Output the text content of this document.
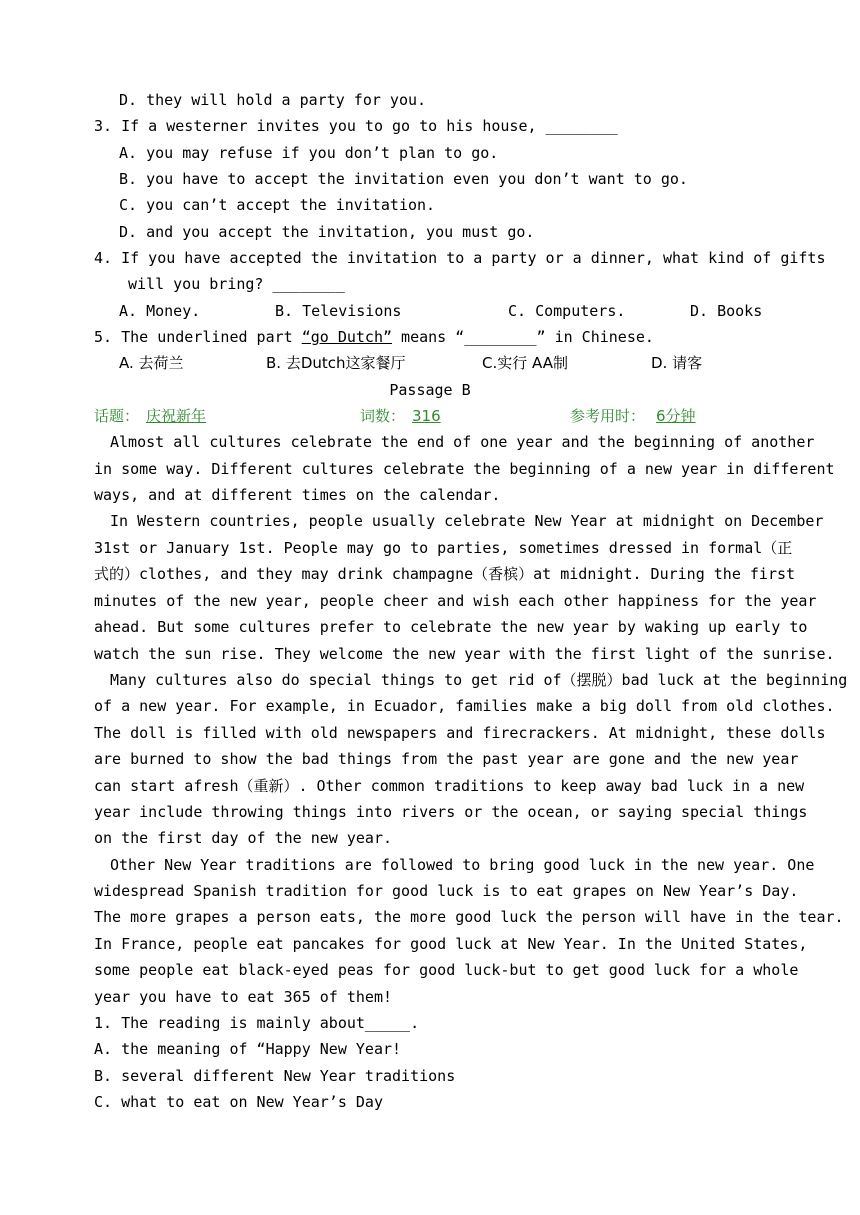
D. they will hold a party for you.
3. If a westerner invites you to go to his house, ________
A. you may refuse if you don’t plan to go.
B. you have to accept the invitation even you don’t want to go.
C. you can’t accept the invitation.
D. and you accept the invitation, you must go.
4. If you have accepted the invitation to a party or a dinner, what kind of gifts
will you bring? ________
A. Money.	B. Televisions	C. Computers.	D. Books
5. The underlined part “go Dutch” means “________” in Chinese.
A. 去荷兰	B. 去Dutch这家餐厅	C.实行 AA制	D. 请客
Passage B
话题： 庆祝新年	词数： 316	参考用时： 6分钟
Almost all cultures celebrate the end of one year and the beginning of another
in some way. Different cultures celebrate the beginning of a new year in different
ways, and at different times on the calendar.
In Western countries, people usually celebrate New Year at midnight on December
31st or January 1st. People may go to parties, sometimes dressed in formal（正
式的）clothes, and they may drink champagne（香槟）at midnight. During the first
minutes of the new year, people cheer and wish each other happiness for the year
ahead. But some cultures prefer to celebrate the new year by waking up early to
watch the sun rise. They welcome the new year with the first light of the sunrise.
Many cultures also do special things to get rid of（摆脱）bad luck at the beginning
of a new year. For example, in Ecuador, families make a big doll from old clothes.
The doll is filled with old newspapers and firecrackers. At midnight, these dolls
are burned to show the bad things from the past year are gone and the new year
can start afresh（重新）. Other common traditions to keep away bad luck in a new
year include throwing things into rivers or the ocean, or saying special things
on the first day of the new year.
Other New Year traditions are followed to bring good luck in the new year. One
widespread Spanish tradition for good luck is to eat grapes on New Year’s Day.
The more grapes a person eats, the more good luck the person will have in the tear.
In France, people eat pancakes for good luck at New Year. In the United States,
some people eat black-eyed peas for good luck-but to get good luck for a whole
year you have to eat 365 of them!
1. The reading is mainly about_____.
A. the meaning of “Happy New Year!
B. several different New Year traditions
C. what to eat on New Year’s Day
